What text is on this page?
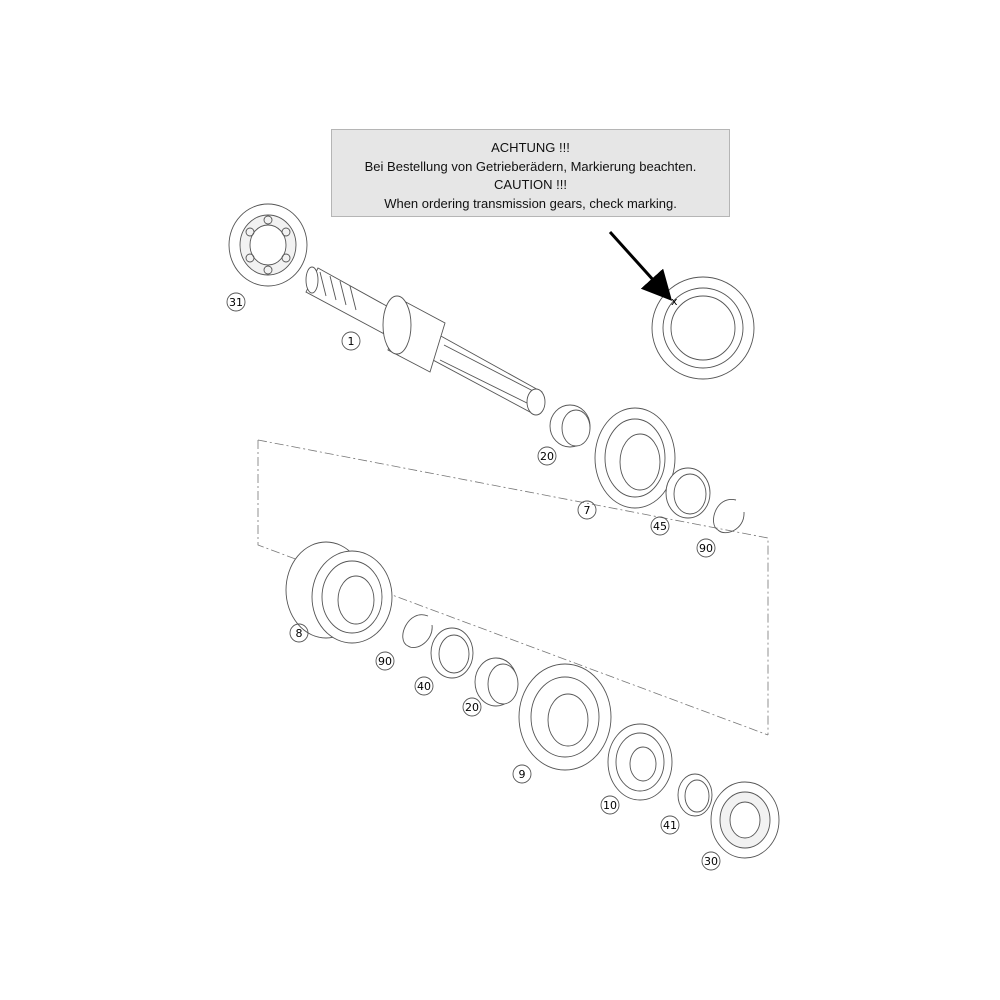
ACHTUNG !!!
Bei Bestellung von Getrieberädern, Markierung beachten.
CAUTION !!!
When ordering transmission gears, check marking.
x
31
1
20
7
45
90
8
90
40
20
9
10
41
30
